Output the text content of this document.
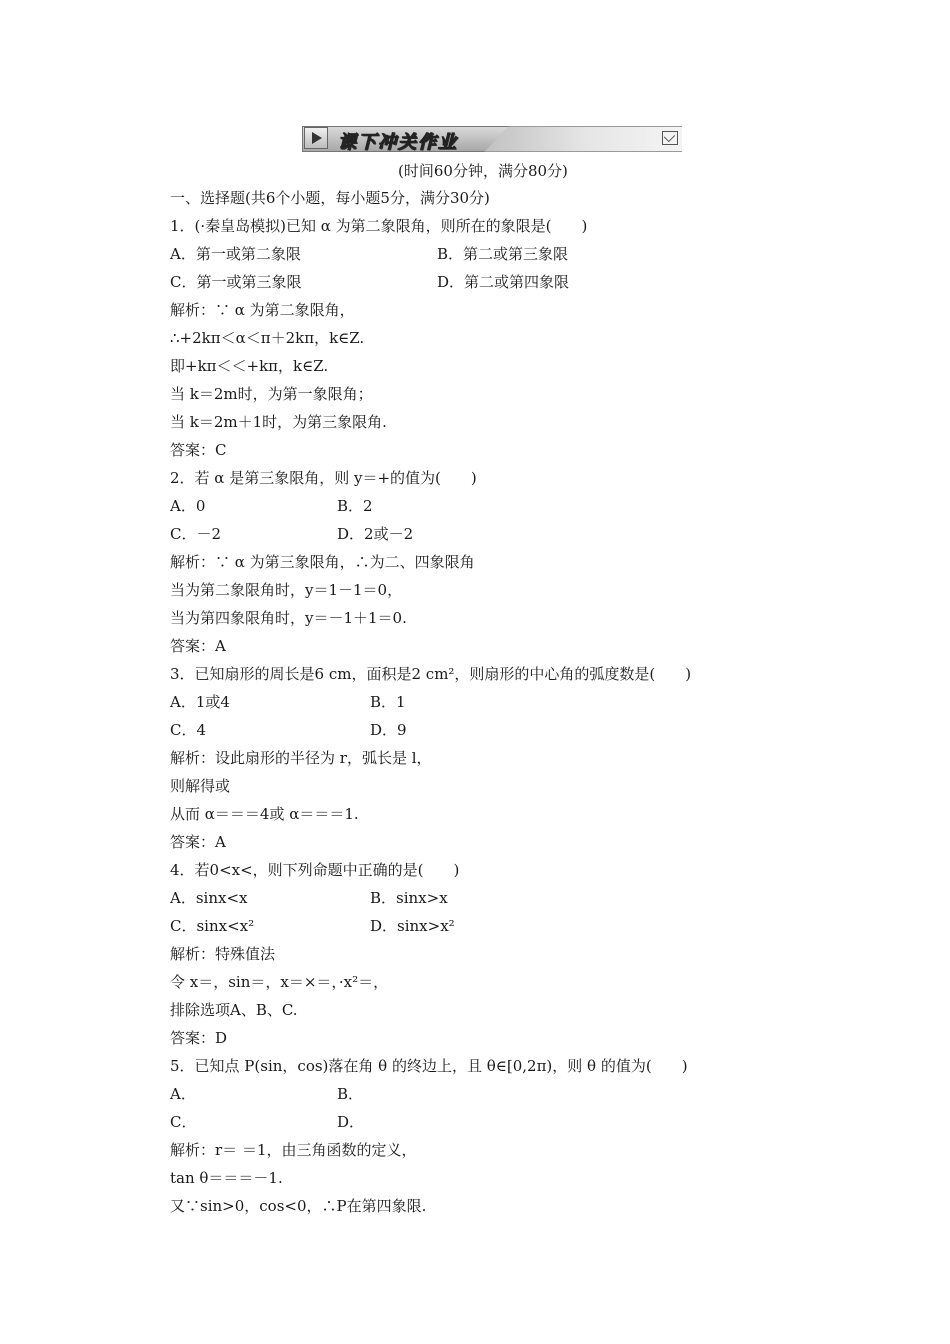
课下冲关作业
(时间60分钟，满分80分)
一、选择题(共6个小题，每小题5分，满分30分)
1．(·秦皇岛模拟)已知 α 为第二象限角，则所在的象限是(　　)
A．第一或第二象限	B．第二或第三象限
C．第一或第三象限	D．第二或第四象限
解析：∵ α 为第二象限角，
∴+2kπ＜α＜π＋2kπ，k∈Z.
即+kπ＜＜+kπ，k∈Z.
当 k＝2m时，为第一象限角；
当 k＝2m＋1时，为第三象限角.
答案：C
2．若 α 是第三象限角，则 y＝+的值为(　　)
A．0	B．2
C．－2	D．2或－2
解析：∵ α 为第三象限角，∴为二、四象限角
当为第二象限角时，y＝1－1＝0，
当为第四象限角时，y＝－1＋1＝0.
答案：A
3．已知扇形的周长是6 cm，面积是2 cm²，则扇形的中心角的弧度数是(　　)
A．1或4	B．1
C．4	D．9
解析：设此扇形的半径为 r，弧长是 l，
则解得或
从而 α＝＝＝4或 α＝＝＝1.
答案：A
4．若0<x<，则下列命题中正确的是(　　)
A．sinx<x	B．sinx>x
C．sinx<x²	D．sinx>x²
解析：特殊值法
令 x＝，sin＝，x＝×＝，·x²＝，
排除选项A、B、C.
答案：D
5．已知点 P(sin，cos)落在角 θ 的终边上，且 θ∈[0,2π)，则 θ 的值为(　　)
A．	B．
C．	D．
解析：r＝ ＝1，由三角函数的定义，
tan θ＝＝＝－1.
又∵sin>0，cos<0，∴P在第四象限.
